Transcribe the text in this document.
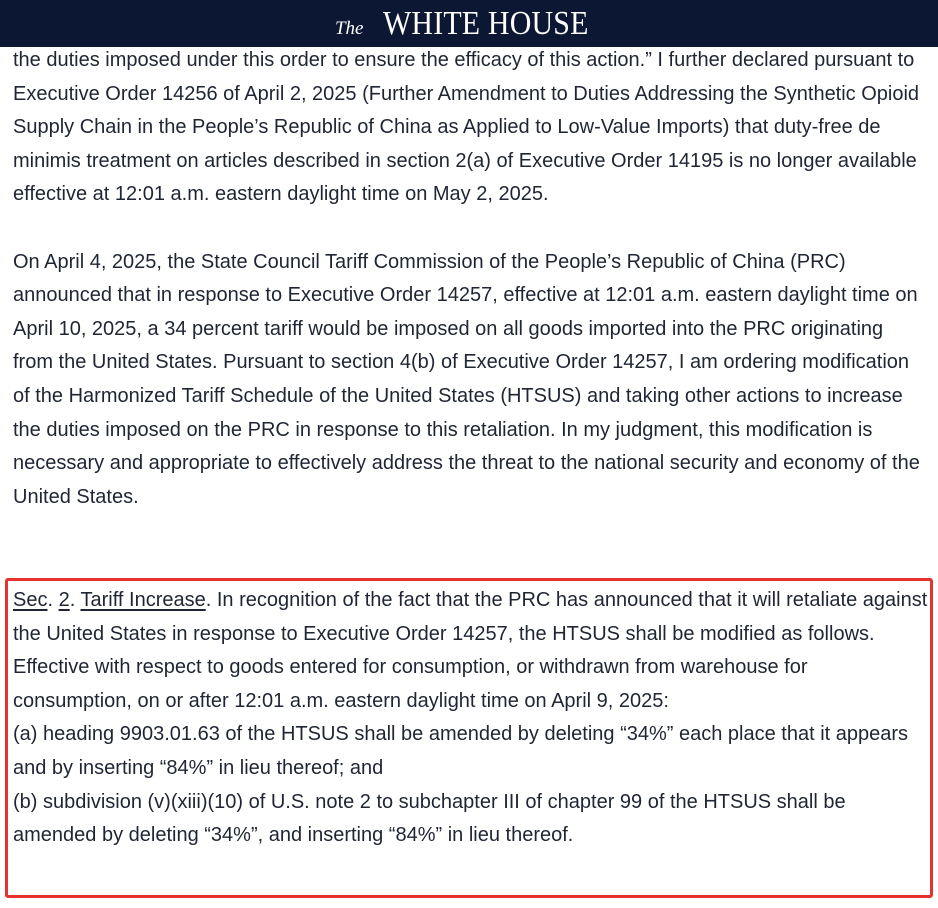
The WHITE HOUSE

the duties imposed under this order to ensure the efficacy of this action.” I further declared pursuant to Executive Order 14256 of April 2, 2025 (Further Amendment to Duties Addressing the Synthetic Opioid Supply Chain in the People’s Republic of China as Applied to Low-Value Imports) that duty-free de minimis treatment on articles described in section 2(a) of Executive Order 14195 is no longer available effective at 12:01 a.m. eastern daylight time on May 2, 2025.

On April 4, 2025, the State Council Tariff Commission of the People’s Republic of China (PRC) announced that in response to Executive Order 14257, effective at 12:01 a.m. eastern daylight time on April 10, 2025, a 34 percent tariff would be imposed on all goods imported into the PRC originating from the United States. Pursuant to section 4(b) of Executive Order 14257, I am ordering modification of the Harmonized Tariff Schedule of the United States (HTSUS) and taking other actions to increase the duties imposed on the PRC in response to this retaliation. In my judgment, this modification is necessary and appropriate to effectively address the threat to the national security and economy of the United States.

Sec. 2. Tariff Increase. In recognition of the fact that the PRC has announced that it will retaliate against the United States in response to Executive Order 14257, the HTSUS shall be modified as follows. Effective with respect to goods entered for consumption, or withdrawn from warehouse for consumption, on or after 12:01 a.m. eastern daylight time on April 9, 2025:
(a) heading 9903.01.63 of the HTSUS shall be amended by deleting “34%” each place that it appears and by inserting “84%” in lieu thereof; and
(b) subdivision (v)(xiii)(10) of U.S. note 2 to subchapter III of chapter 99 of the HTSUS shall be amended by deleting “34%”, and inserting “84%” in lieu thereof.
